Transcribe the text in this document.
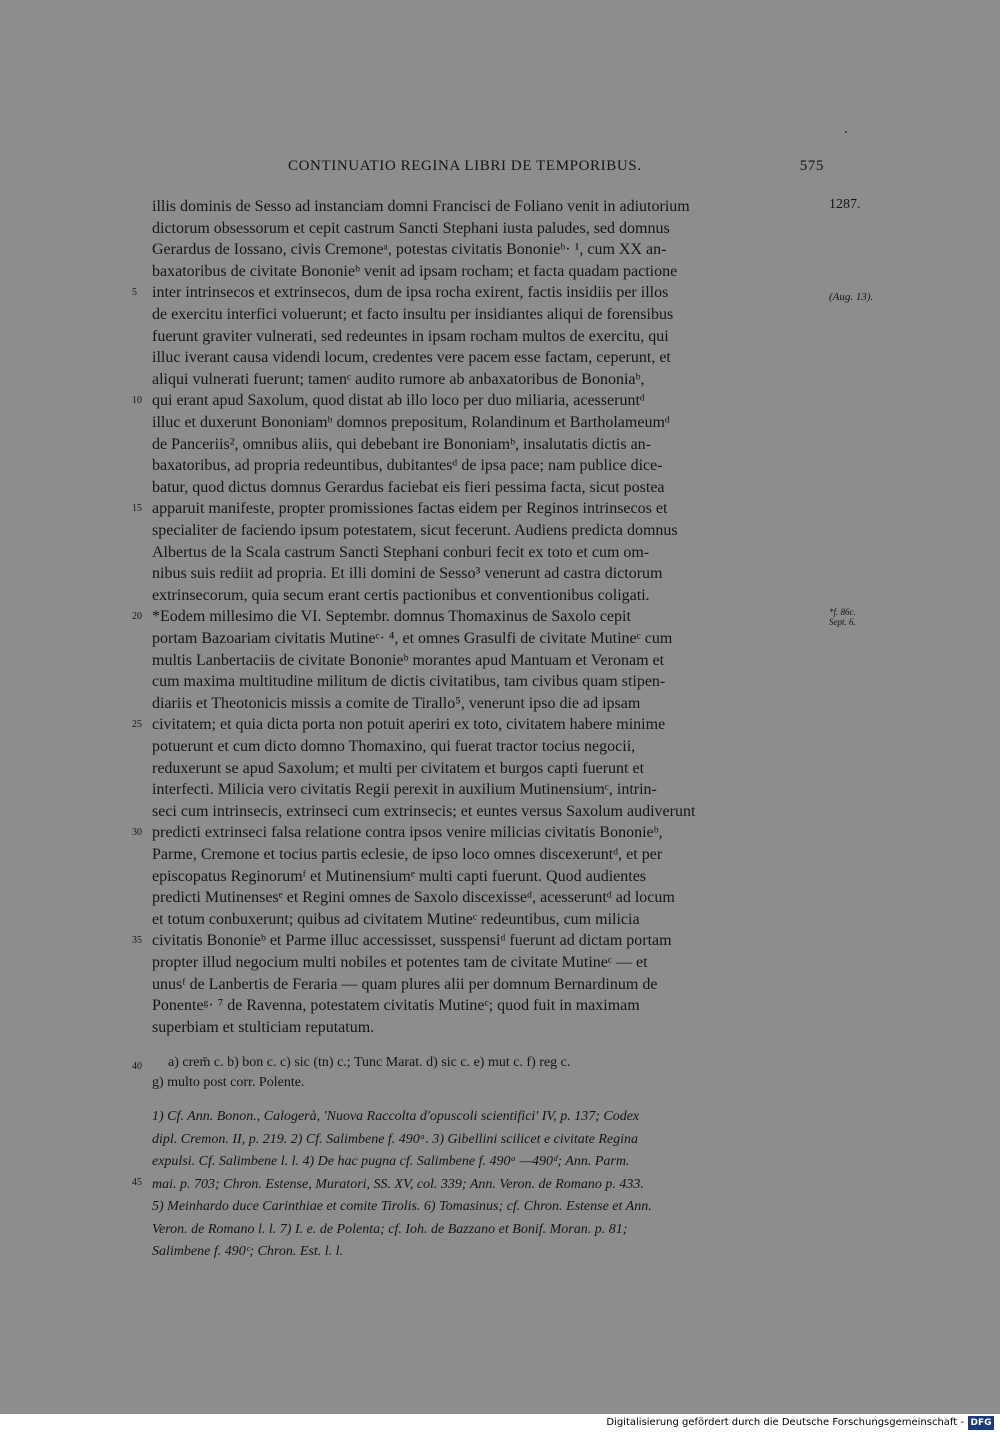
CONTINUATIO REGINA LIBRI DE TEMPORIBUS.	575
1287.
(Aug. 13).
*f. 86c.
Sept. 6.
40 a) crem̄ c. b) bon c. c) sic (tn) c.; Tunc Marat. d) sic c. e) mut c. f) reg c.
g) multo post corr. Polente.
45
Digitalisierung gefördert durch die Deutsche Forschungsgemeinschaft - DFG
illis dominis de Sesso ad instanciam domni Francisci de Foliano venit in adiutorium
dictorum obsessorum et cepit castrum Sancti Stephani iusta paludes, sed domnus
Gerardus de Iossano, civis Cremoneᵃ, potestas civitatis Bononieᵇ· ¹, cum XX an-
baxatoribus de civitate Bononieᵇ venit ad ipsam rocham; et facta quadam pactione
inter intrinsecos et extrinsecos, dum de ipsa rocha exirent, factis insidiis per illos
5
de exercitu interfici voluerunt; et facto insultu per insidiantes aliqui de forensibus
fuerunt graviter vulnerati, sed redeuntes in ipsam rocham multos de exercitu, qui
illuc iverant causa videndi locum, credentes vere pacem esse factam, ceperunt, et
aliqui vulnerati fuerunt; tamenᶜ audito rumore ab anbaxatoribus de Bononiaᵇ,
qui erant apud Saxolum, quod distat ab illo loco per duo miliaria, acesseruntᵈ
10
illuc et duxerunt Bononiamᵇ domnos prepositum, Rolandinum et Bartholameumᵈ
de Panceriis², omnibus aliis, qui debebant ire Bononiamᵇ, insalutatis dictis an-
baxatoribus, ad propria redeuntibus, dubitantesᵈ de ipsa pace; nam publice dice-
batur, quod dictus domnus Gerardus faciebat eis fieri pessima facta, sicut postea
apparuit manifeste, propter promissiones factas eidem per Reginos intrinsecos et
15
specialiter de faciendo ipsum potestatem, sicut fecerunt. Audiens predicta domnus
Albertus de la Scala castrum Sancti Stephani conburi fecit ex toto et cum om-
nibus suis rediit ad propria. Et illi domini de Sesso³ venerunt ad castra dictorum
extrinsecorum, quia secum erant certis pactionibus et conventionibus coligati.
*Eodem millesimo die VI. Septembr. domnus Thomaxinus de Saxolo cepit
20
portam Bazoariam civitatis Mutineᶜ· ⁴, et omnes Grasulfi de civitate Mutineᶜ cum
multis Lanbertaciis de civitate Bononieᵇ morantes apud Mantuam et Veronam et
cum maxima multitudine militum de dictis civitatibus, tam civibus quam stipen-
diariis et Theotonicis missis a comite de Tirallo⁵, venerunt ipso die ad ipsam
civitatem; et quia dicta porta non potuit aperiri ex toto, civitatem habere minime
25
potuerunt et cum dicto domno Thomaxino, qui fuerat tractor tocius negocii,
reduxerunt se apud Saxolum; et multi per civitatem et burgos capti fuerunt et
interfecti. Milicia vero civitatis Regii perexit in auxilium Mutinensiumᶜ, intrin-
seci cum intrinsecis, extrinseci cum extrinsecis; et euntes versus Saxolum audiverunt
predicti extrinseci falsa relatione contra ipsos venire milicias civitatis Bononieᵇ,
30
Parme, Cremone et tocius partis eclesie, de ipso loco omnes discexeruntᵈ, et per
episcopatus Reginorumᶠ et Mutinensiumᵉ multi capti fuerunt. Quod audientes
predicti Mutinensesᵉ et Regini omnes de Saxolo discexisseᵈ, acesseruntᵈ ad locum
et totum conbuxerunt; quibus ad civitatem Mutineᶜ redeuntibus, cum milicia
civitatis Bononieᵇ et Parme illuc accessisset, susspensiᵈ fuerunt ad dictam portam
35
propter illud negocium multi nobiles et potentes tam de civitate Mutineᶜ — et
unusᶠ de Lanbertis de Feraria — quam plures alii per domnum Bernardinum de
Ponenteᵍ· ⁷ de Ravenna, potestatem civitatis Mutineᶜ; quod fuit in maximam
superbiam et stulticiam reputatum.
1) Cf. Ann. Bonon., Calogerà, 'Nuova Raccolta d'opuscoli scientifici' IV, p. 137; Codex
dipl. Cremon. II, p. 219. 2) Cf. Salimbene f. 490ᵃ. 3) Gibellini scilicet e civitate Regina
expulsi. Cf. Salimbene l. l. 4) De hac pugna cf. Salimbene f. 490ᵃ —490ᵈ; Ann. Parm.
mai. p. 703; Chron. Estense, Muratori, SS. XV, col. 339; Ann. Veron. de Romano p. 433.
5) Meinhardo duce Carinthiae et comite Tirolis. 6) Tomasinus; cf. Chron. Estense et Ann.
Veron. de Romano l. l. 7) I. e. de Polenta; cf. Ioh. de Bazzano et Bonif. Moran. p. 81;
Salimbene f. 490ᶜ; Chron. Est. l. l.
